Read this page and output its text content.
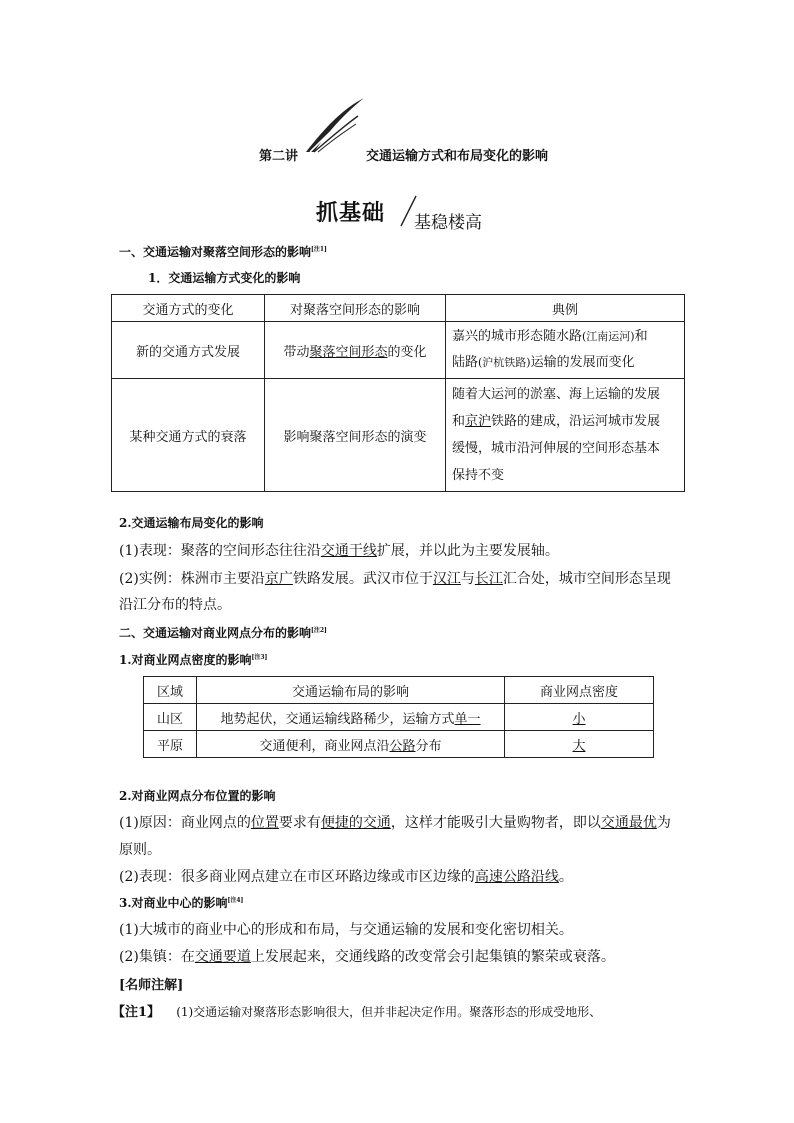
第二讲	交通运输方式和布局变化的影响
抓基础 基稳楼高
一、交通运输对聚落空间形态的影响[注1]
1．交通运输方式变化的影响
交通方式的变化	对聚落空间形态的影响	典例
新的交通方式发展	带动聚落空间形态的变化	嘉兴的城市形态随水路(江南运河)和
陆路(沪杭铁路)运输的发展而变化
某种交通方式的衰落	影响聚落空间形态的演变	随着大运河的淤塞、海上运输的发展
和京沪铁路的建成，沿运河城市发展
缓慢，城市沿河伸展的空间形态基本
保持不变
2.交通运输布局变化的影响
(1)表现：聚落的空间形态往往沿交通干线扩展，并以此为主要发展轴。
(2)实例：株洲市主要沿京广铁路发展。武汉市位于汉江与长江汇合处，城市空间形态呈现
沿江分布的特点。
二、交通运输对商业网点分布的影响[注2]
1.对商业网点密度的影响[注3]
区域	交通运输布局的影响	商业网点密度
山区	地势起伏，交通运输线路稀少，运输方式单一	小
平原	交通便利，商业网点沿公路分布	大
2.对商业网点分布位置的影响
(1)原因：商业网点的位置要求有便捷的交通，这样才能吸引大量购物者，即以交通最优为
原则。
(2)表现：很多商业网点建立在市区环路边缘或市区边缘的高速公路沿线。
3.对商业中心的影响[注4]
(1)大城市的商业中心的形成和布局，与交通运输的发展和变化密切相关。
(2)集镇：在交通要道上发展起来，交通线路的改变常会引起集镇的繁荣或衰落。
[名师注解]
【注1】 (1)交通运输对聚落形态影响很大，但并非起决定作用。聚落形态的形成受地形、
